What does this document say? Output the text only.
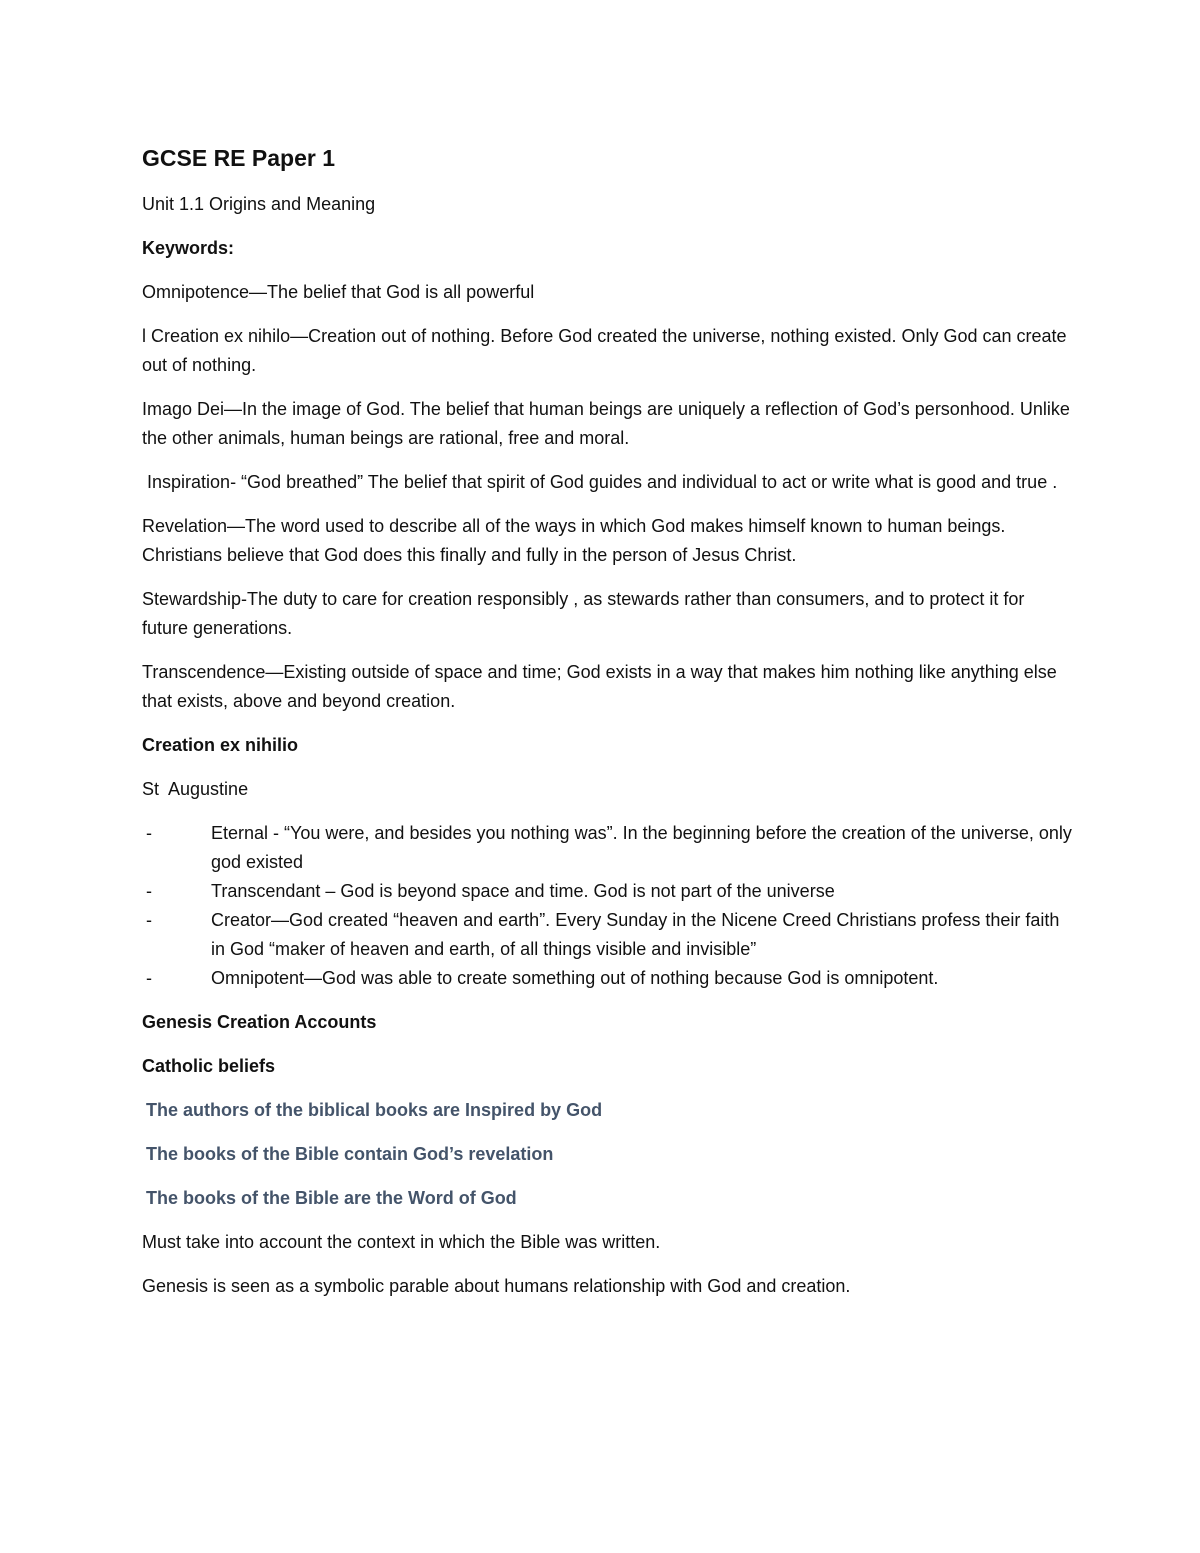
GCSE RE Paper 1

Unit 1.1 Origins and Meaning

Keywords:

Omnipotence—The belief that God is all powerful

l Creation ex nihilo—Creation out of nothing. Before God created the universe, nothing existed. Only God can create out of nothing.

Imago Dei—In the image of God. The belief that human beings are uniquely a reflection of God’s personhood. Unlike the other animals, human beings are rational, free and moral.

Inspiration- “God breathed” The belief that spirit of God guides and individual to act or write what is good and true .

Revelation—The word used to describe all of the ways in which God makes himself known to human beings. Christians believe that God does this finally and fully in the person of Jesus Christ.

Stewardship-The duty to care for creation responsibly , as stewards rather than consumers, and to protect it for future generations.

Transcendence—Existing outside of space and time; God exists in a way that makes him nothing like anything else that exists, above and beyond creation.

Creation ex nihilio

St  Augustine

-	Eternal - “You were, and besides you nothing was”. In the beginning before the creation of the universe, only god existed
-	Transcendant – God is beyond space and time. God is not part of the universe
-	Creator—God created “heaven and earth”. Every Sunday in the Nicene Creed Christians profess their faith in God “maker of heaven and earth, of all things visible and invisible”
-	Omnipotent—God was able to create something out of nothing because God is omnipotent.

Genesis Creation Accounts

Catholic beliefs

The authors of the biblical books are Inspired by God

The books of the Bible contain God’s revelation

The books of the Bible are the Word of God

Must take into account the context in which the Bible was written.

Genesis is seen as a symbolic parable about humans relationship with God and creation.
